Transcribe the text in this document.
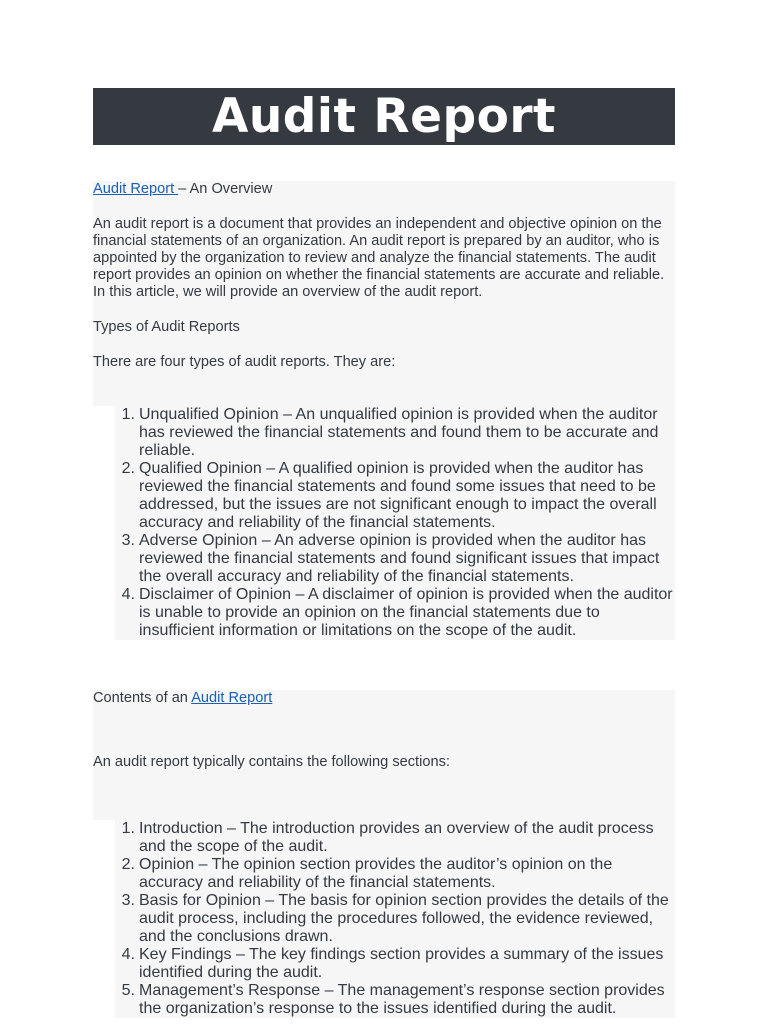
Audit Report

Audit Report – An Overview

An audit report is a document that provides an independent and objective opinion on the financial statements of an organization. An audit report is prepared by an auditor, who is appointed by the organization to review and analyze the financial statements. The audit report provides an opinion on whether the financial statements are accurate and reliable. In this article, we will provide an overview of the audit report.

Types of Audit Reports

There are four types of audit reports. They are:

1. Unqualified Opinion – An unqualified opinion is provided when the auditor has reviewed the financial statements and found them to be accurate and reliable.
2. Qualified Opinion – A qualified opinion is provided when the auditor has reviewed the financial statements and found some issues that need to be addressed, but the issues are not significant enough to impact the overall accuracy and reliability of the financial statements.
3. Adverse Opinion – An adverse opinion is provided when the auditor has reviewed the financial statements and found significant issues that impact the overall accuracy and reliability of the financial statements.
4. Disclaimer of Opinion – A disclaimer of opinion is provided when the auditor is unable to provide an opinion on the financial statements due to insufficient information or limitations on the scope of the audit.

Contents of an Audit Report

An audit report typically contains the following sections:

1. Introduction – The introduction provides an overview of the audit process and the scope of the audit.
2. Opinion – The opinion section provides the auditor’s opinion on the accuracy and reliability of the financial statements.
3. Basis for Opinion – The basis for opinion section provides the details of the audit process, including the procedures followed, the evidence reviewed, and the conclusions drawn.
4. Key Findings – The key findings section provides a summary of the issues identified during the audit.
5. Management’s Response – The management’s response section provides the organization’s response to the issues identified during the audit.
